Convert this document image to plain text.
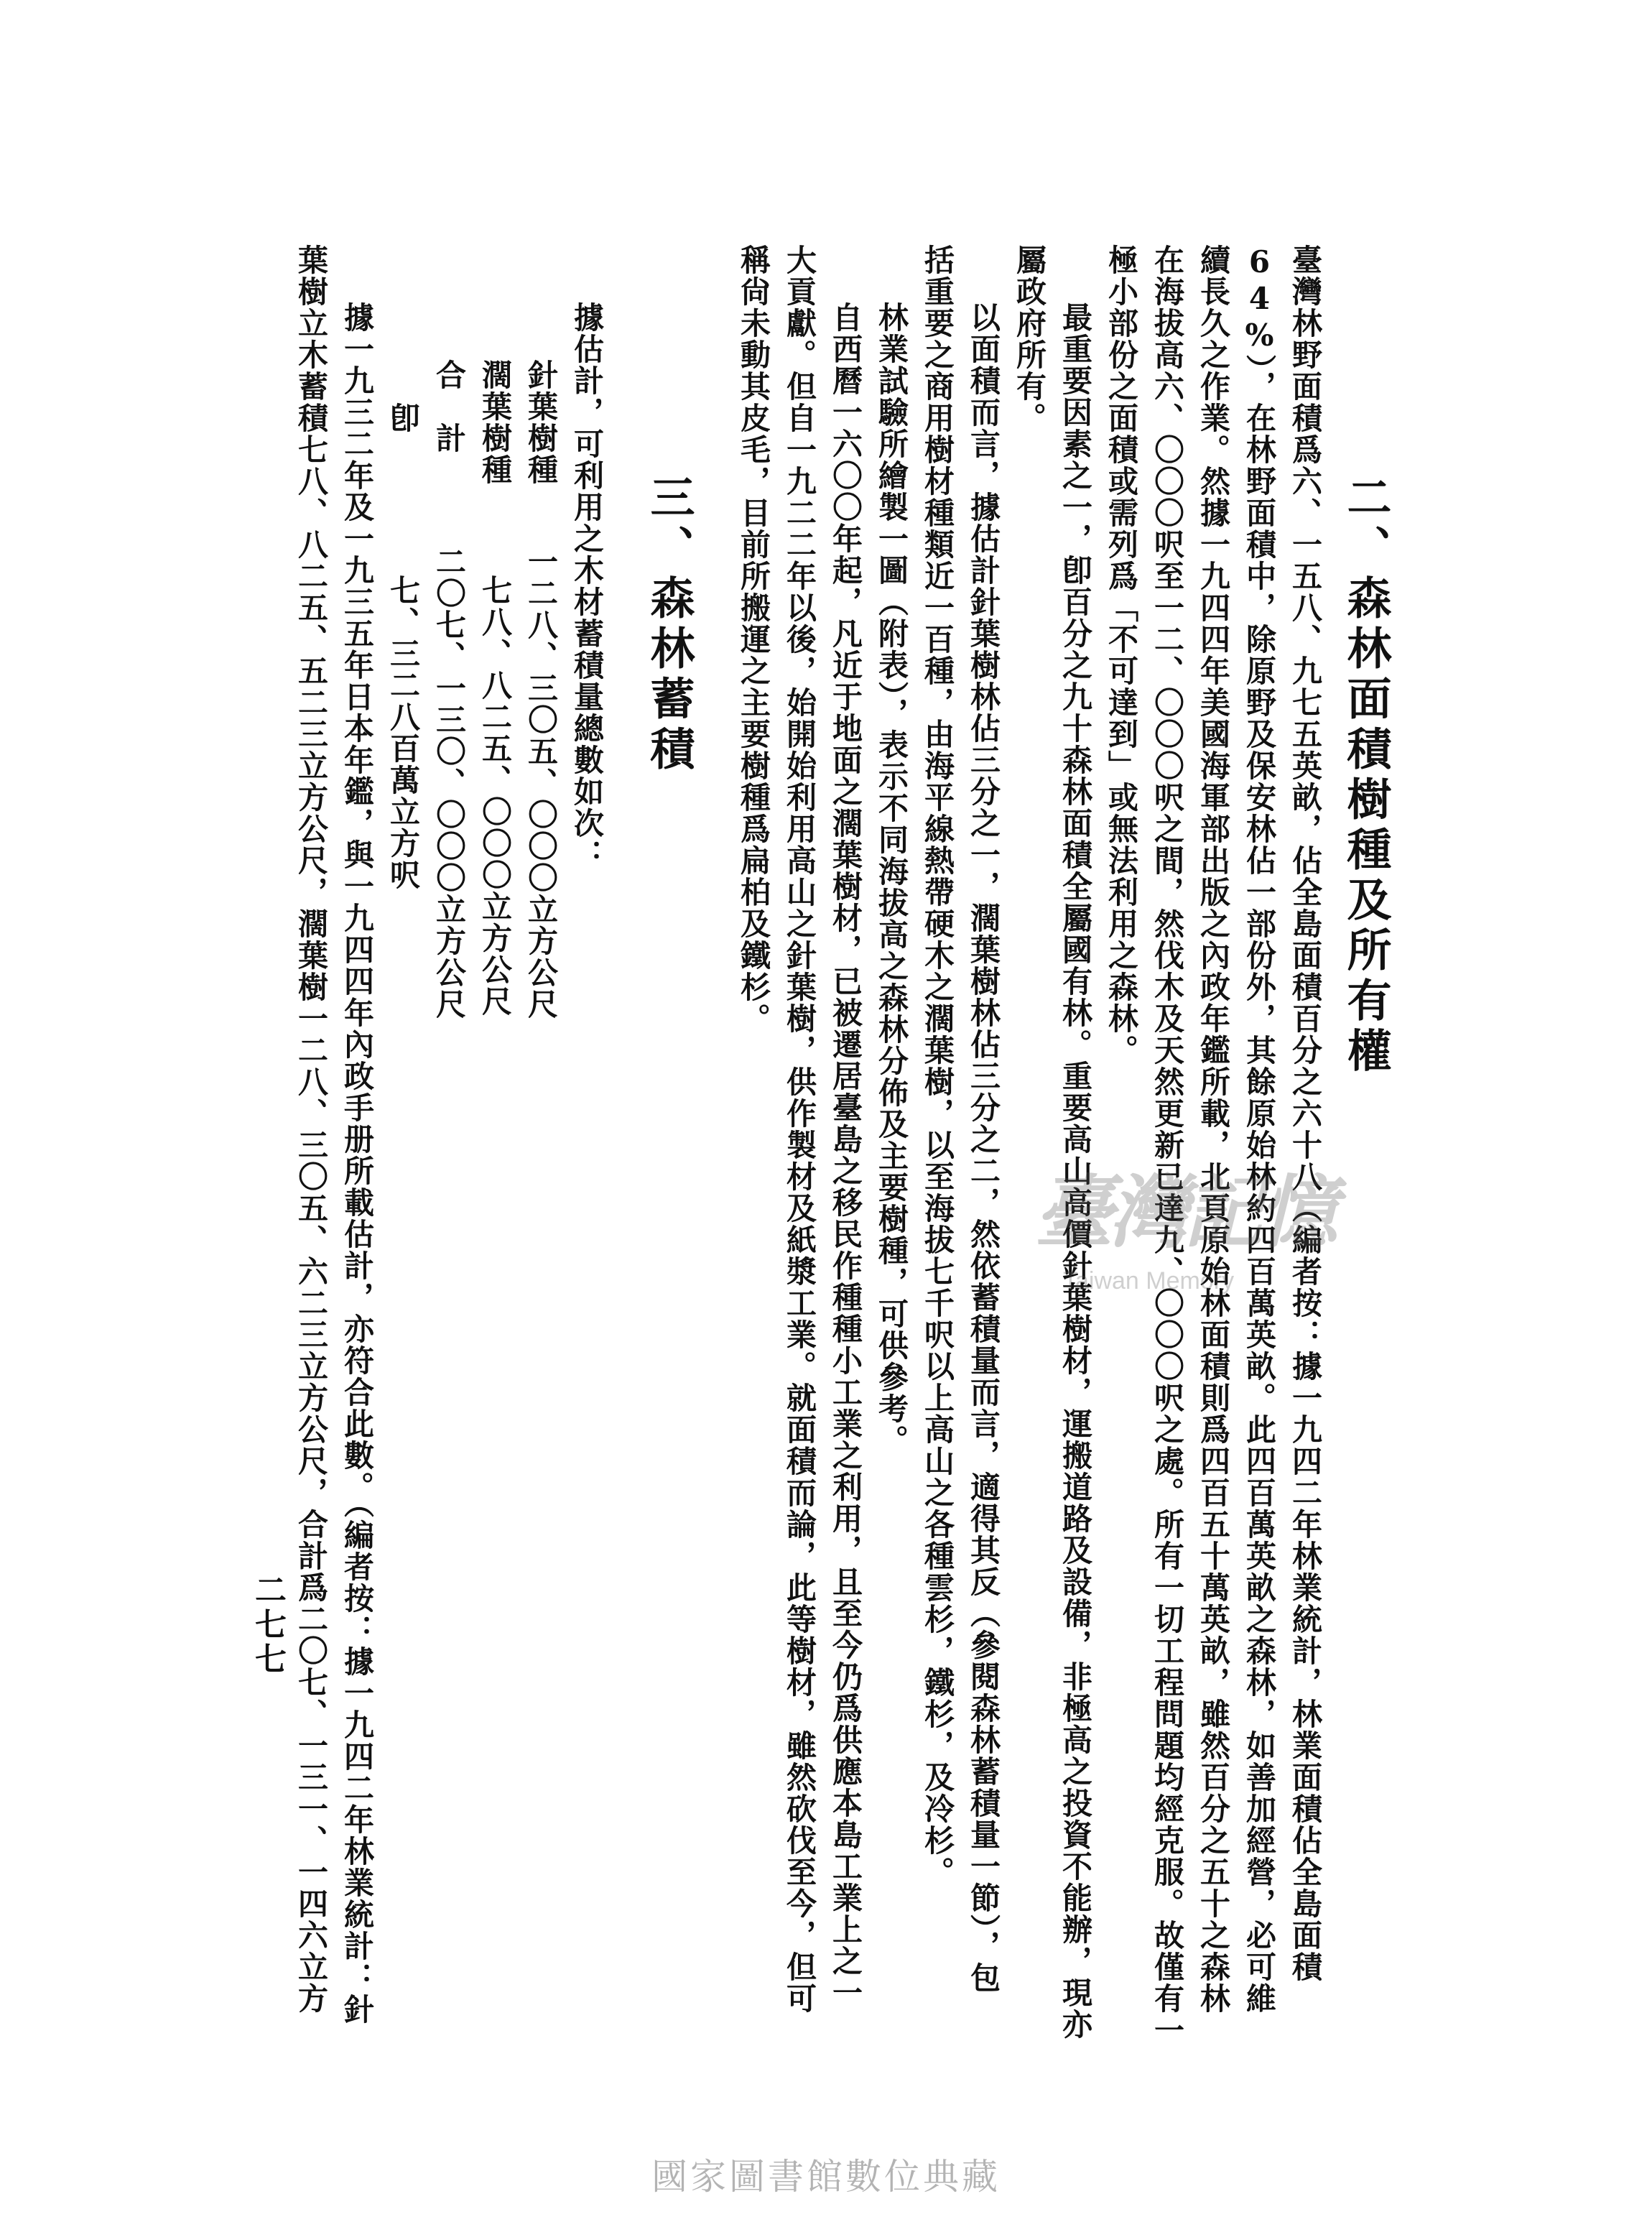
二、森林面積樹種及所有權
臺灣林野面積爲六、一五八、九七五英畝，佔全島面積百分之六十八（編者按：據一九四二年林業統計，林業面積佔全島面積
64%），在林野面積中，除原野及保安林佔一部份外，其餘原始林約四百萬英畝。此四百萬英畝之森林，如善加經營，必可維
續長久之作業。然據一九四四年美國海軍部出版之內政年鑑所載，北頁原始林面積則爲四百五十萬英畝，雖然百分之五十之森林
在海拔高六、〇〇〇呎至一二、〇〇〇呎之間，然伐木及天然更新已達九、〇〇〇呎之處。所有一切工程問題均經克服。故僅有一
極小部份之面積或需列爲「不可達到」或無法利用之森林。
最重要因素之一，卽百分之九十森林面積全屬國有林。重要高山高價針葉樹材，運搬道路及設備，非極高之投資不能辦，現亦
屬政府所有。
以面積而言，據估計針葉樹林佔三分之一，濶葉樹林佔三分之二，然依蓄積量而言，適得其反（參閱森林蓄積量一節），包
括重要之商用樹材種類近一百種，由海平線熱帶硬木之濶葉樹，以至海拔七千呎以上高山之各種雲杉，鐵杉，及冷杉。
林業試驗所繪製一圖（附表），表示不同海拔高之森林分佈及主要樹種，可供參考。
自西曆一六〇〇年起，凡近于地面之濶葉樹材，已被遷居臺島之移民作種種小工業之利用，且至今仍爲供應本島工業上之一
大貢獻。但自一九二二年以後，始開始利用高山之針葉樹，供作製材及紙漿工業。就面積而論，此等樹材，雖然砍伐至今，但可
稱尙未動其皮毛，目前所搬運之主要樹種爲扁柏及鐵杉。
三、森林蓄積
據估計，可利用之木材蓄積量總數如次：
針葉樹種
一二八、三〇五、〇〇〇立方公尺
濶葉樹種
七八、八二五、〇〇〇立方公尺
合　計
二〇七、一三〇、〇〇〇立方公尺
卽
七、三二八百萬立方呎
據一九三二年及一九三五年日本年鑑，與一九四四年內政手册所載估計，亦符合此數。（編者按：據一九四二年林業統計：針
葉樹立木蓄積七八、八二五、五二三立方公尺，濶葉樹一二八、三〇五、六二三立方公尺，合計爲二〇七、一三一、一四六立方
二七七
臺灣記憶
Taiwan Memory
國家圖書館數位典藏
